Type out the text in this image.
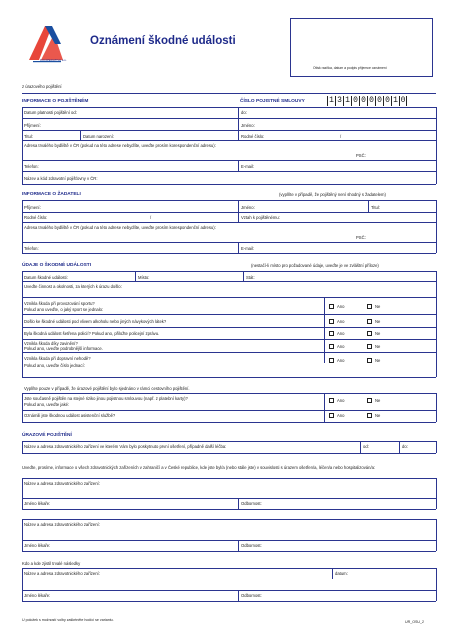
KOOPERATIVA a.s.
Oznámení škodné události
Otisk razítka, datum a podpis příjemce oznámení
z úrazového pojištění
INFORMACE O POJIŠTĚNÉM	ČÍSLO POJISTNÉ SMLOUVY	1 3 1 0 0 0 0 0 1 0
Datum platnosti pojištění od:	do:
Příjmení:	Jméno:
Titul:	Datum narození:	Rodné číslo:	/
Adresa trvalého bydliště v ČR (pokud na této adrese nebydlíte, uveďte prosím korespondenční adresu):
PSČ:
Telefon:	E-mail:
Název a kód zdravotní pojišťovny v ČR:
INFORMACE O ŽADATELI	(vyplňte v případě, že pojištěný není shodný s žadatelem)
Příjmení:	Jméno:	Titul:
Rodné číslo:	/	Vztah k pojištěnému:
Adresa trvalého bydliště v ČR (pokud na této adrese nebydlíte, uveďte prosím korespondenční adresu):
PSČ:
Telefon:	E-mail:
ÚDAJE O ŠKODNÉ UDÁLOSTI	(nestačí-li místo pro požadované údaje, uveďte je ve zvláštní příloze)
Datum škodné události:	Místo:	Stát:
Uveďte činnost a okolnosti, za kterých k úrazu došlo:
Vznikla škoda při provozování sportu?
Pokud ano uveďte, o jaký sport se jednalo:
Ano	Ne
Došlo ke škodné události pod vlivem alkoholu nebo jiných návykových látek?	Ano	Ne
Byla škodná událost šetřena policií? Pokud ano, přiložte policejní zprávu.	Ano	Ne
Vznikla škoda díky zavinění?
Pokud ano, uveďte podrobnější informace.	Ano	Ne
Vznikla škoda při dopravní nehodě?
Pokud ano, uveďte číslo jednací:
Ano	Ne
Vyplňte pouze v případě, že úrazové pojištění bylo sjednáno v rámci cestovního pojištění.
Jste současně pojištěn na stejné riziko jinou pojistnou smlouvou (např. z platební karty)?
Pokud ano, uveďte jaké:
Ano	Ne
Oznámili jste škodnou událost asistenční službě?	Ano	Ne
ÚRAZOVÉ POJIŠTĚNÍ
Název a adresa zdravotnického zařízení ve kterém Vám bylo poskytnuto první ošetření, případně další léčba:	od:	do:
Uveďte, prosíme, informace o všech zdravotnických zařízeních v zahraničí a v České republice, kde jste byl/a (nebo stále jste) v souvislosti s úrazem ošetřen/a, léčen/a nebo hospitalizován/a:
Název a adresa zdravotnického zařízení:
Jméno lékaře:	Odbornost:
Název a adresa zdravotnického zařízení:
Jméno lékaře:	Odbornost:
Kdo a kde zjistil trvalé následky
Název a adresa zdravotnického zařízení:	datum:
Jméno lékaře:	Odbornost:
U položek s možností volby zaškrtněte hodící se variantu.	UR_OSU_2
